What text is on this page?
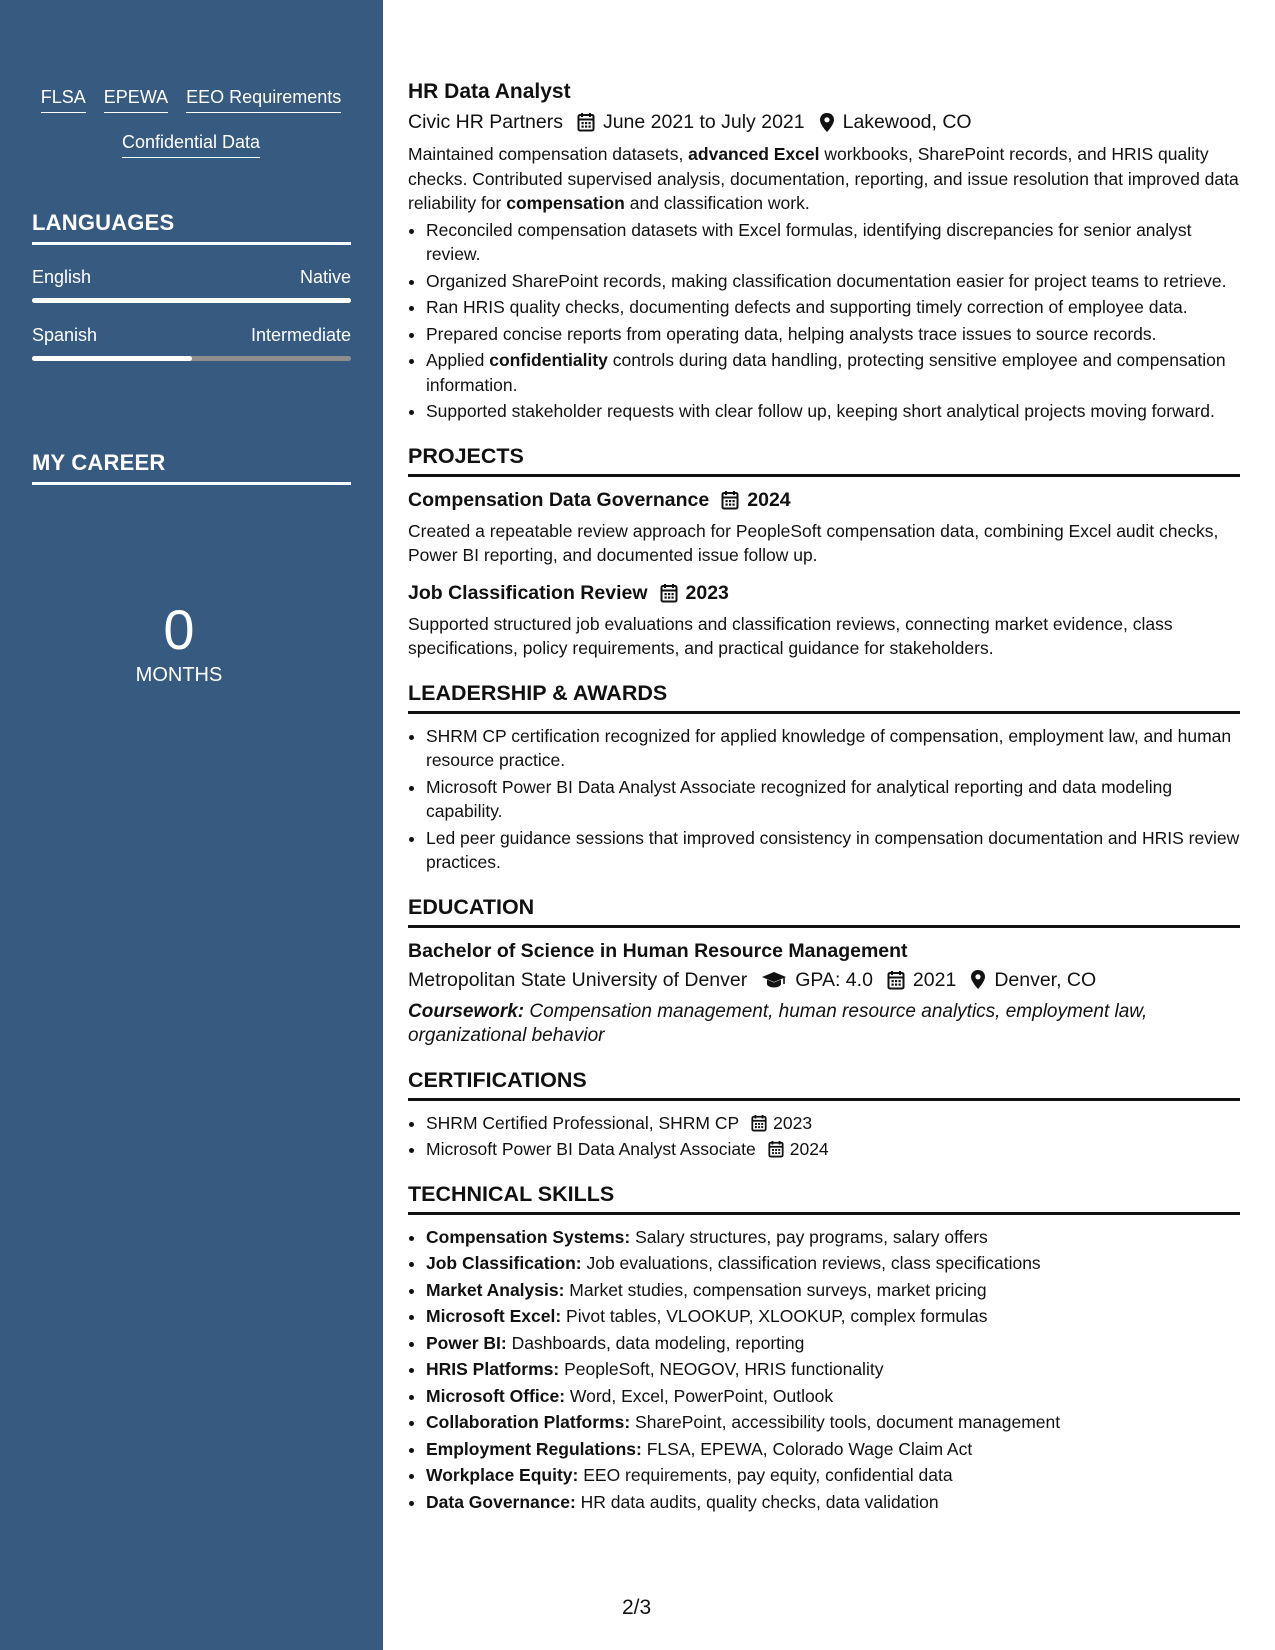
FLSA EPEWA EEO Requirements
Confidential Data
LANGUAGES
English	Native
Spanish	Intermediate
MY CAREER
0
MONTHS
HR Data Analyst
Civic HR Partners June 2021 to July 2021 Lakewood, CO
Maintained compensation datasets, advanced Excel workbooks, SharePoint records, and HRIS quality checks. Contributed supervised analysis, documentation, reporting, and issue resolution that improved data reliability for compensation and classification work.
• Reconciled compensation datasets with Excel formulas, identifying discrepancies for senior analyst review.
• Organized SharePoint records, making classification documentation easier for project teams to retrieve.
• Ran HRIS quality checks, documenting defects and supporting timely correction of employee data.
• Prepared concise reports from operating data, helping analysts trace issues to source records.
• Applied confidentiality controls during data handling, protecting sensitive employee and compensation information.
• Supported stakeholder requests with clear follow up, keeping short analytical projects moving forward.
PROJECTS
Compensation Data Governance 2024
Created a repeatable review approach for PeopleSoft compensation data, combining Excel audit checks, Power BI reporting, and documented issue follow up.
Job Classification Review 2023
Supported structured job evaluations and classification reviews, connecting market evidence, class specifications, policy requirements, and practical guidance for stakeholders.
LEADERSHIP & AWARDS
• SHRM CP certification recognized for applied knowledge of compensation, employment law, and human resource practice.
• Microsoft Power BI Data Analyst Associate recognized for analytical reporting and data modeling capability.
• Led peer guidance sessions that improved consistency in compensation documentation and HRIS review practices.
EDUCATION
Bachelor of Science in Human Resource Management
Metropolitan State University of Denver GPA: 4.0 2021 Denver, CO
Coursework: Compensation management, human resource analytics, employment law, organizational behavior
CERTIFICATIONS
• SHRM Certified Professional, SHRM CP 2023
• Microsoft Power BI Data Analyst Associate 2024
TECHNICAL SKILLS
• Compensation Systems: Salary structures, pay programs, salary offers
• Job Classification: Job evaluations, classification reviews, class specifications
• Market Analysis: Market studies, compensation surveys, market pricing
• Microsoft Excel: Pivot tables, VLOOKUP, XLOOKUP, complex formulas
• Power BI: Dashboards, data modeling, reporting
• HRIS Platforms: PeopleSoft, NEOGOV, HRIS functionality
• Microsoft Office: Word, Excel, PowerPoint, Outlook
• Collaboration Platforms: SharePoint, accessibility tools, document management
• Employment Regulations: FLSA, EPEWA, Colorado Wage Claim Act
• Workplace Equity: EEO requirements, pay equity, confidential data
• Data Governance: HR data audits, quality checks, data validation
2/3
